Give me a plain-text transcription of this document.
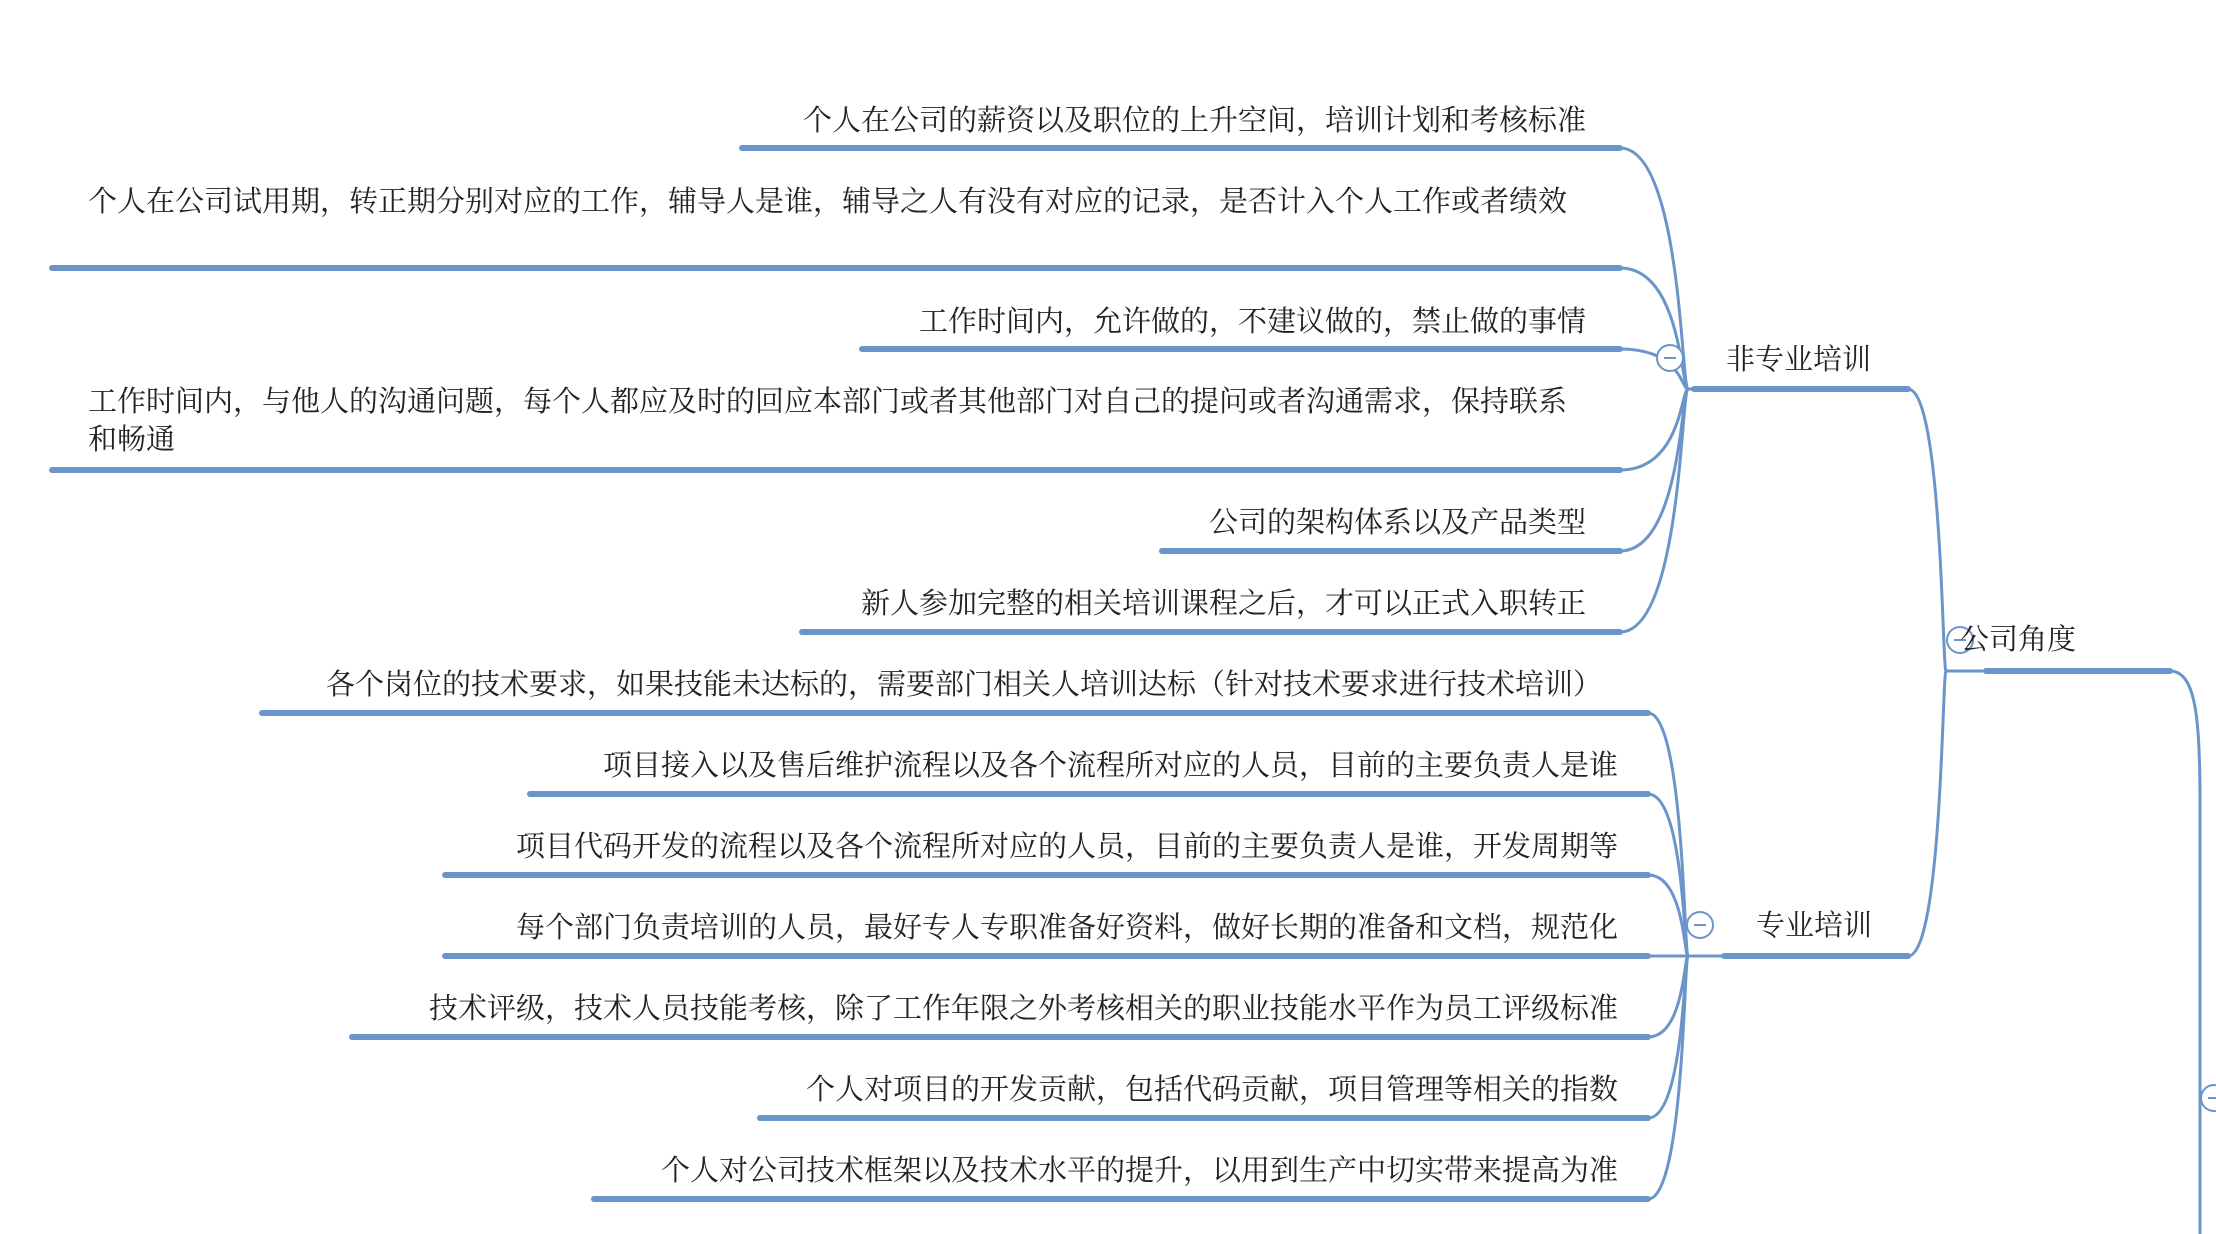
公司角度
非专业培训
专业培训
个人在公司的薪资以及职位的上升空间，培训计划和考核标准
个人在公司试用期，转正期分别对应的工作，辅导人是谁，辅导之人有没有对应的记录，是否计入个人工作或者绩效
工作时间内，允许做的，不建议做的，禁止做的事情
工作时间内，与他人的沟通问题，每个人都应及时的回应本部门或者其他部门对自己的提问或者沟通需求，保持联系和畅通
公司的架构体系以及产品类型
新人参加完整的相关培训课程之后，才可以正式入职转正
各个岗位的技术要求，如果技能未达标的，需要部门相关人培训达标（针对技术要求进行技术培训）
项目接入以及售后维护流程以及各个流程所对应的人员，目前的主要负责人是谁
项目代码开发的流程以及各个流程所对应的人员，目前的主要负责人是谁，开发周期等
每个部门负责培训的人员，最好专人专职准备好资料，做好长期的准备和文档，规范化
技术评级，技术人员技能考核，除了工作年限之外考核相关的职业技能水平作为员工评级标准
个人对项目的开发贡献，包括代码贡献，项目管理等相关的指数
个人对公司技术框架以及技术水平的提升，以用到生产中切实带来提高为准
